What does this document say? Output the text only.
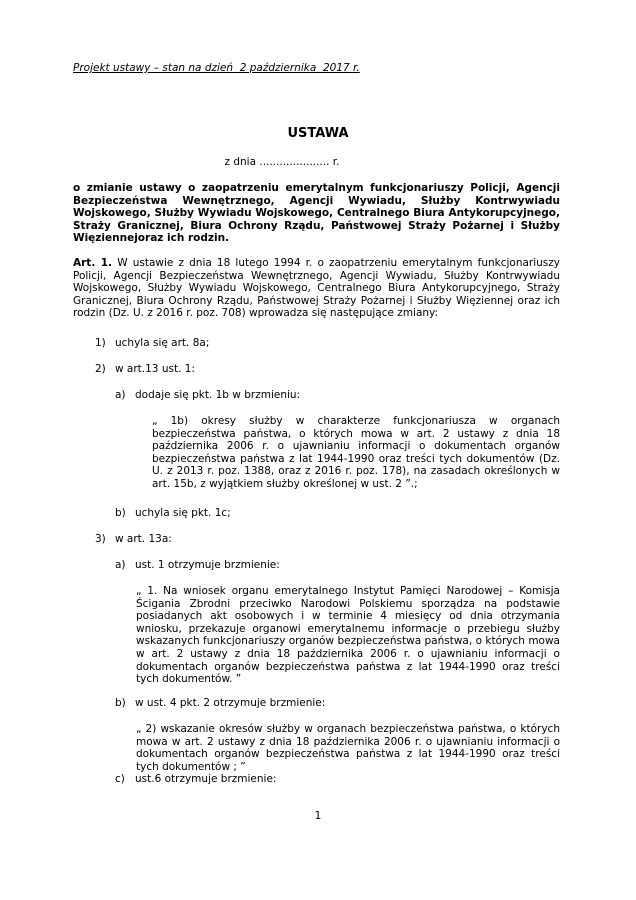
Projekt ustawy – stan na dzień  2 października  2017 r.
USTAWA
z dnia ..................... r.
o zmianie ustawy o zaopatrzeniu emerytalnym funkcjonariuszy Policji, Agencji Bezpieczeństwa Wewnętrznego, Agencji Wywiadu, Służby Kontrwywiadu Wojskowego, Służby Wywiadu Wojskowego, Centralnego Biura Antykorupcyjnego, Straży Granicznej, Biura Ochrony Rządu, Państwowej Straży Pożarnej i Służby Więziennejoraz ich rodzin.

Art. 1. W ustawie z dnia 18 lutego 1994 r. o zaopatrzeniu emerytalnym funkcjonariuszy Policji, Agencji Bezpieczeństwa Wewnętrznego, Agencji Wywiadu, Służby Kontrwywiadu Wojskowego, Służby Wywiadu Wojskowego, Centralnego Biura Antykorupcyjnego, Straży Granicznej, Biura Ochrony Rządu, Państwowej Straży Pożarnej i Służby Więziennej oraz ich rodzin (Dz. U. z 2016 r. poz. 708) wprowadza się następujące zmiany:

1) uchyla się art. 8a;
2) w art.13 ust. 1:
a) dodaje się pkt. 1b w brzmieniu:
„ 1b) okresy służby w charakterze funkcjonariusza w organach bezpieczeństwa państwa, o których mowa w art. 2 ustawy z dnia 18 października 2006 r. o ujawnianiu informacji o dokumentach organów bezpieczeństwa państwa z lat 1944-1990 oraz treści tych dokumentów (Dz. U. z 2013 r. poz. 1388, oraz z 2016 r. poz. 178), na zasadach określonych w art. 15b, z wyjątkiem służby określonej w ust. 2 ”.;
b) uchyla się pkt. 1c;
3) w art. 13a:
a) ust. 1 otrzymuje brzmienie:
„ 1. Na wniosek organu emerytalnego Instytut Pamięci Narodowej – Komisja Ścigania Zbrodni przeciwko Narodowi Polskiemu sporządza na podstawie posiadanych akt osobowych i w terminie 4 miesięcy od dnia otrzymania wniosku, przekazuje organowi emerytalnemu informacje o przebiegu służby wskazanych funkcjonariuszy organów bezpieczeństwa państwa, o których mowa w art. 2 ustawy z dnia 18 października 2006 r. o ujawnianiu informacji o dokumentach organów bezpieczeństwa państwa z lat 1944-1990 oraz treści tych dokumentów. ”
b) w ust. 4 pkt. 2 otrzymuje brzmienie:
„ 2) wskazanie okresów służby w organach bezpieczeństwa państwa, o których mowa w art. 2 ustawy z dnia 18 października 2006 r. o ujawnianiu informacji o dokumentach organów bezpieczeństwa państwa z lat 1944-1990 oraz treści tych dokumentów ; ”
c) ust.6 otrzymuje brzmienie:
1
